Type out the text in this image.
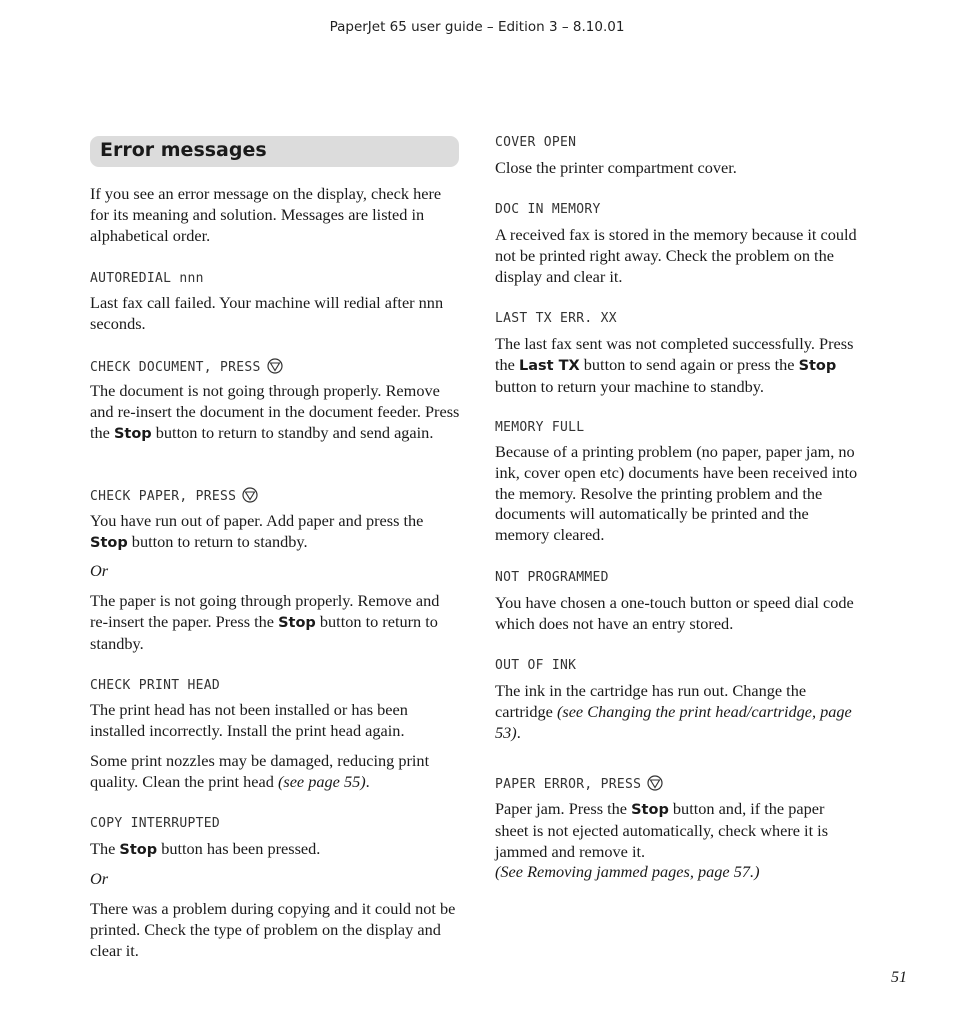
PaperJet 65 user guide – Edition 3 – 8.10.01
Error messages

If you see an error message on the display, check here for its meaning and solution. Messages are listed in alphabetical order.

AUTOREDIAL nnn

Last fax call failed. Your machine will redial after nnn seconds.

CHECK DOCUMENT, PRESS

The document is not going through properly. Remove and re-insert the document in the document feeder. Press the Stop button to return to standby and send again.

CHECK PAPER, PRESS

You have run out of paper. Add paper and press the Stop button to return to standby.

Or

The paper is not going through properly. Remove and re-insert the paper. Press the Stop button to return to standby.

CHECK PRINT HEAD

The print head has not been installed or has been installed incorrectly. Install the print head again.

Some print nozzles may be damaged, reducing print quality. Clean the print head (see page 55).

COPY INTERRUPTED

The Stop button has been pressed.

Or

There was a problem during copying and it could not be printed. Check the type of problem on the display and clear it.

COVER OPEN

Close the printer compartment cover.

DOC IN MEMORY

A received fax is stored in the memory because it could not be printed right away. Check the problem on the display and clear it.

LAST TX ERR. XX

The last fax sent was not completed successfully. Press the Last TX button to send again or press the Stop button to return your machine to standby.

MEMORY FULL

Because of a printing problem (no paper, paper jam, no ink, cover open etc) documents have been received into the memory. Resolve the printing problem and the documents will automatically be printed and the memory cleared.

NOT PROGRAMMED

You have chosen a one-touch button or speed dial code which does not have an entry stored.

OUT OF INK

The ink in the cartridge has run out. Change the cartridge (see Changing the print head/cartridge, page 53).

PAPER ERROR, PRESS

Paper jam. Press the Stop button and, if the paper sheet is not ejected automatically, check where it is jammed and remove it.
(See Removing jammed pages, page 57.)

51
